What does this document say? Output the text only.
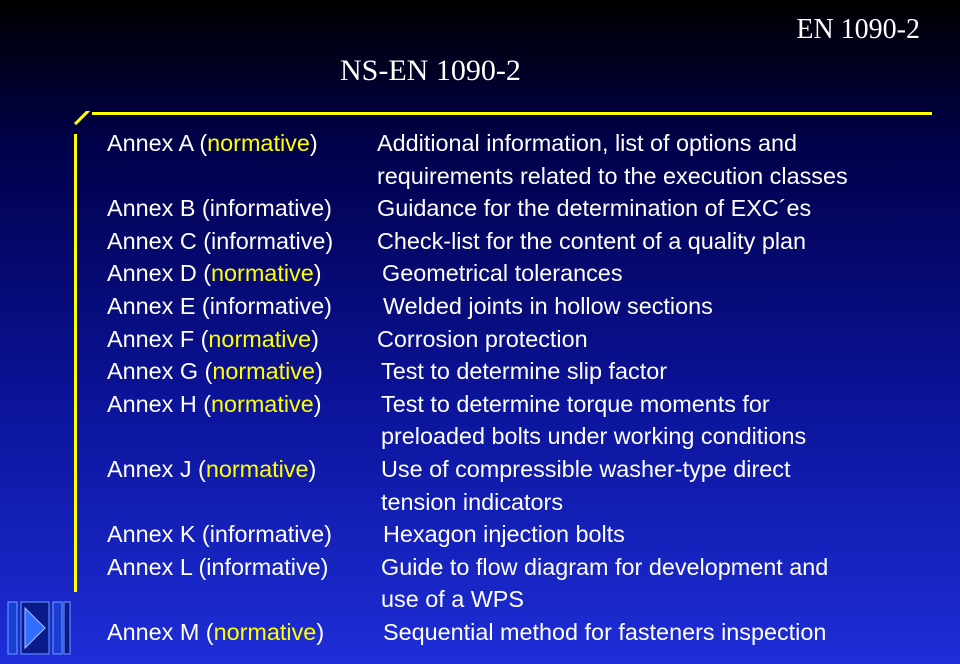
EN 1090-2
NS-EN 1090-2
Annex A (normative)	Additional information, list of options and
requirements related to the execution classes
Annex B (informative) Guidance for the determination of EXC´es
Annex C (informative) Check-list for the content of a quality plan
Annex D (normative)	Geometrical tolerances
Annex E (informative) Welded joints in hollow sections
Annex F (normative) Corrosion protection
Annex G (normative) Test to determine slip factor
Annex H (normative)	Test to determine torque moments for
preloaded bolts under working conditions
Annex J (normative)	Use of compressible washer-type direct
tension indicators
Annex K (informative) Hexagon injection bolts
Annex L (informative) Guide to flow diagram for development and
use of a WPS
Annex M (normative)	Sequential method for fasteners inspection
